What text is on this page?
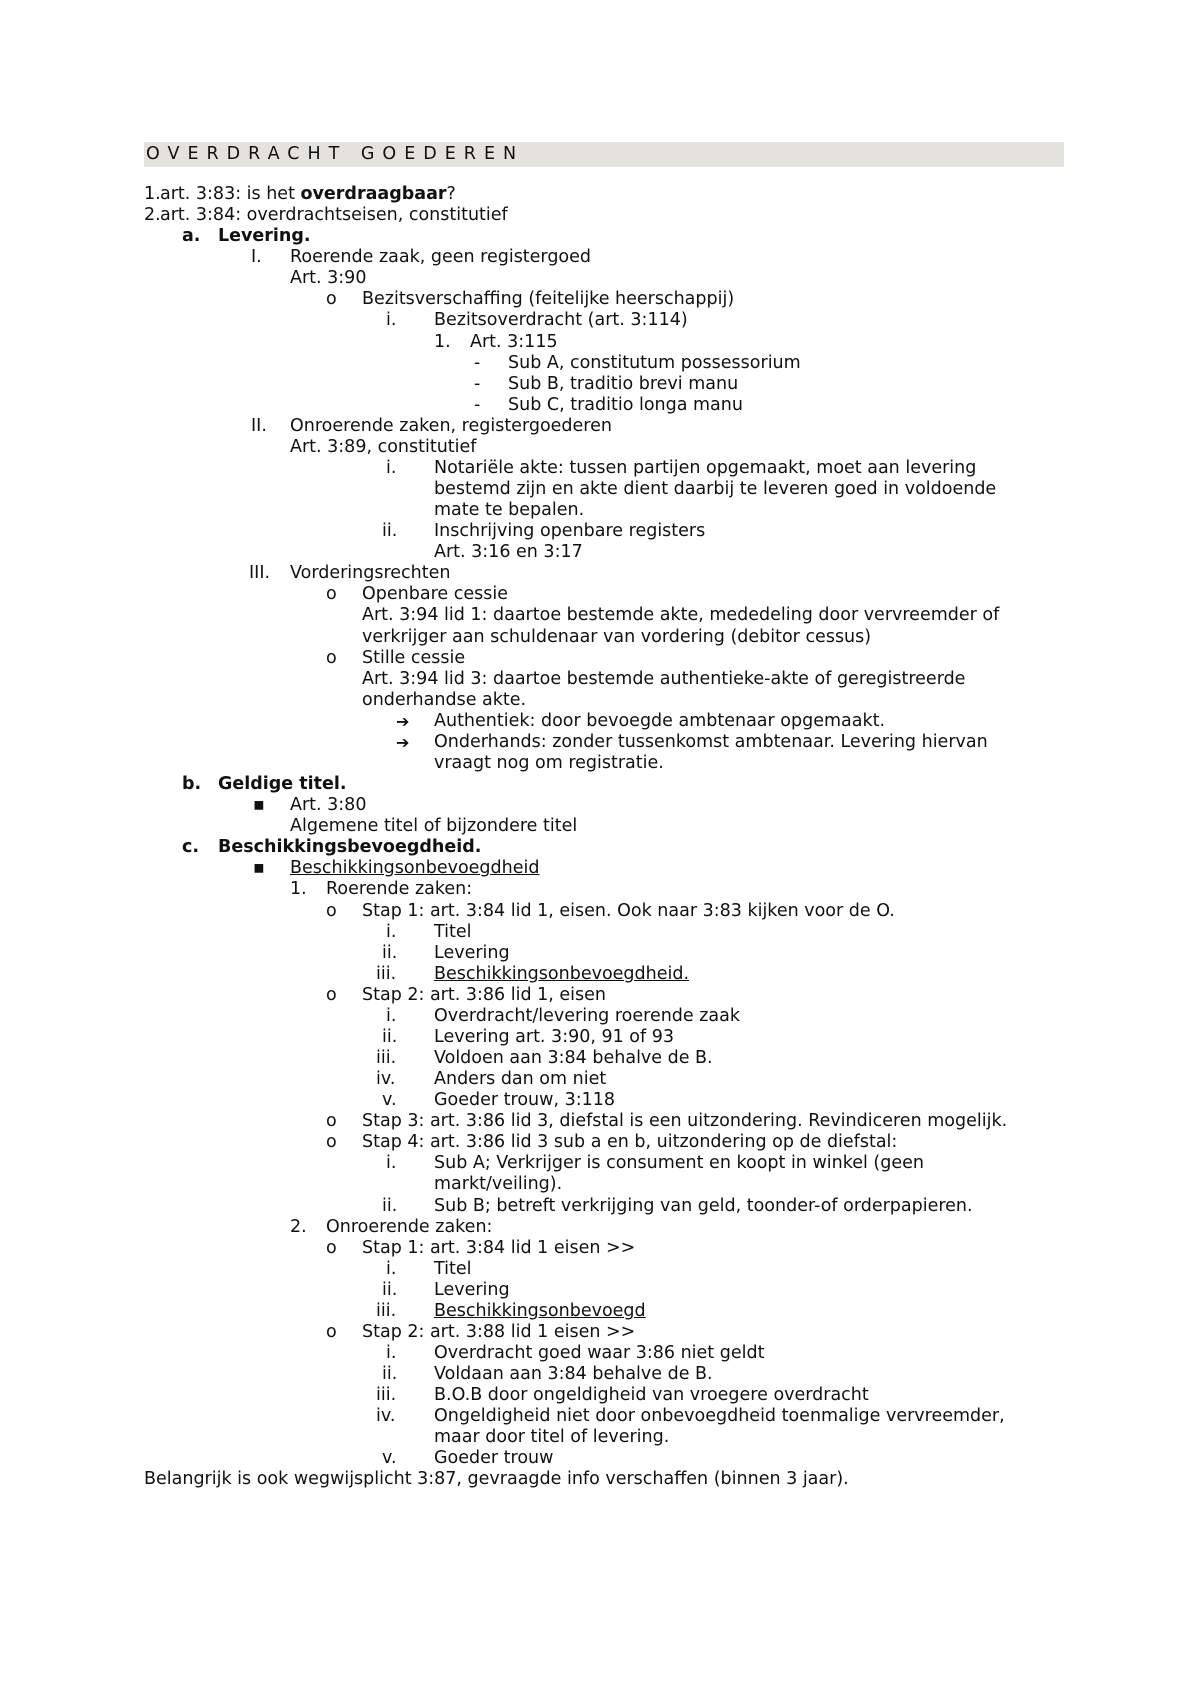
OVERDRACHT GOEDEREN
1. art. 3:83: is het overdraagbaar?
2. art. 3:84: overdrachtseisen, constitutief
a. Levering.
I. Roerende zaak, geen registergoed
Art. 3:90
o Bezitsverschaffing (feitelijke heerschappij)
i. Bezitsoverdracht (art. 3:114)
1. Art. 3:115
- Sub A, constitutum possessorium
- Sub B, traditio brevi manu
- Sub C, traditio longa manu
II. Onroerende zaken, registergoederen
Art. 3:89, constitutief
i. Notariële akte: tussen partijen opgemaakt, moet aan levering
bestemd zijn en akte dient daarbij te leveren goed in voldoende
mate te bepalen.
ii. Inschrijving openbare registers
Art. 3:16 en 3:17
III. Vorderingsrechten
o Openbare cessie
Art. 3:94 lid 1: daartoe bestemde akte, mededeling door vervreemder of
verkrijger aan schuldenaar van vordering (debitor cessus)
o Stille cessie
Art. 3:94 lid 3: daartoe bestemde authentieke-akte of geregistreerde
onderhandse akte.
➔ Authentiek: door bevoegde ambtenaar opgemaakt.
➔ Onderhands: zonder tussenkomst ambtenaar. Levering hiervan
vraagt nog om registratie.
b. Geldige titel.
▪ Art. 3:80
Algemene titel of bijzondere titel
c. Beschikkingsbevoegdheid.
▪ Beschikkingsonbevoegdheid
1. Roerende zaken:
o Stap 1: art. 3:84 lid 1, eisen. Ook naar 3:83 kijken voor de O.
i. Titel
ii. Levering
iii. Beschikkingsonbevoegdheid.
o Stap 2: art. 3:86 lid 1, eisen
i. Overdracht/levering roerende zaak
ii. Levering art. 3:90, 91 of 93
iii. Voldoen aan 3:84 behalve de B.
iv. Anders dan om niet
v. Goeder trouw, 3:118
o Stap 3: art. 3:86 lid 3, diefstal is een uitzondering. Revindiceren mogelijk.
o Stap 4: art. 3:86 lid 3 sub a en b, uitzondering op de diefstal:
i. Sub A; Verkrijger is consument en koopt in winkel (geen
markt/veiling).
ii. Sub B; betreft verkrijging van geld, toonder-of orderpapieren.
2. Onroerende zaken:
o Stap 1: art. 3:84 lid 1 eisen >>
i. Titel
ii. Levering
iii. Beschikkingsonbevoegd
o Stap 2: art. 3:88 lid 1 eisen >>
i. Overdracht goed waar 3:86 niet geldt
ii. Voldaan aan 3:84 behalve de B.
iii. B.O.B door ongeldigheid van vroegere overdracht
iv. Ongeldigheid niet door onbevoegdheid toenmalige vervreemder,
maar door titel of levering.
v. Goeder trouw
Belangrijk is ook wegwijsplicht 3:87, gevraagde info verschaffen (binnen 3 jaar).
